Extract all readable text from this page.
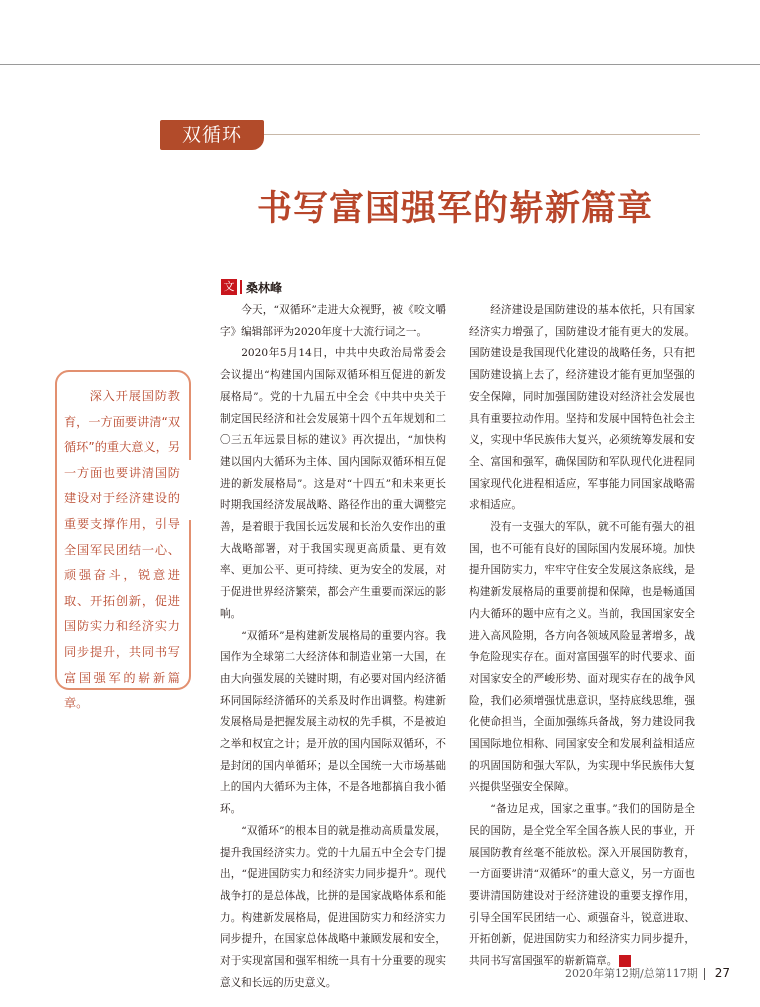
双循环
书写富国强军的崭新篇章
文 桑林峰
深入开展国防教育，一方面要讲清“双循环”的重大意义，另一方面也要讲清国防建设对于经济建设的重要支撑作用，引导全国军民团结一心、顽强奋斗，锐意进取、开拓创新，促进国防实力和经济实力同步提升，共同书写富国强军的崭新篇章。

今天，“双循环”走进大众视野，被《咬文嚼字》编辑部评为2020年度十大流行词之一。

2020年5月14日，中共中央政治局常委会会议提出“构建国内国际双循环相互促进的新发展格局”。党的十九届五中全会《中共中央关于制定国民经济和社会发展第十四个五年规划和二〇三五年远景目标的建议》再次提出，“加快构建以国内大循环为主体、国内国际双循环相互促进的新发展格局”。这是对“十四五”和未来更长时期我国经济发展战略、路径作出的重大调整完善，是着眼于我国长远发展和长治久安作出的重大战略部署，对于我国实现更高质量、更有效率、更加公平、更可持续、更为安全的发展，对于促进世界经济繁荣，都会产生重要而深远的影响。

“双循环”是构建新发展格局的重要内容。我国作为全球第二大经济体和制造业第一大国，在由大向强发展的关键时期，有必要对国内经济循环同国际经济循环的关系及时作出调整。构建新发展格局是把握发展主动权的先手棋，不是被迫之举和权宜之计；是开放的国内国际双循环，不是封闭的国内单循环；是以全国统一大市场基础上的国内大循环为主体，不是各地都搞自我小循环。

“双循环”的根本目的就是推动高质量发展，提升我国经济实力。党的十九届五中全会专门提出，“促进国防实力和经济实力同步提升”。现代战争打的是总体战，比拼的是国家战略体系和能力。构建新发展格局，促进国防实力和经济实力同步提升，在国家总体战略中兼顾发展和安全，对于实现富国和强军相统一具有十分重要的现实意义和长远的历史意义。

经济建设是国防建设的基本依托，只有国家经济实力增强了，国防建设才能有更大的发展。国防建设是我国现代化建设的战略任务，只有把国防建设搞上去了，经济建设才能有更加坚强的安全保障，同时加强国防建设对经济社会发展也具有重要拉动作用。坚持和发展中国特色社会主义，实现中华民族伟大复兴，必须统筹发展和安全、富国和强军，确保国防和军队现代化进程同国家现代化进程相适应，军事能力同国家战略需求相适应。

没有一支强大的军队，就不可能有强大的祖国，也不可能有良好的国际国内发展环境。加快提升国防实力，牢牢守住安全发展这条底线，是构建新发展格局的重要前提和保障，也是畅通国内大循环的题中应有之义。当前，我国国家安全进入高风险期，各方向各领域风险显著增多，战争危险现实存在。面对富国强军的时代要求、面对国家安全的严峻形势、面对现实存在的战争风险，我们必须增强忧患意识，坚持底线思维，强化使命担当，全面加强练兵备战，努力建设同我国国际地位相称、同国家安全和发展利益相适应的巩固国防和强大军队，为实现中华民族伟大复兴提供坚强安全保障。

“备边足戎，国家之重事。”我们的国防是全民的国防，是全党全军全国各族人民的事业，开展国防教育丝毫不能放松。深入开展国防教育，一方面要讲清“双循环”的重大意义，另一方面也要讲清国防建设对于经济建设的重要支撑作用，引导全国军民团结一心、顽强奋斗，锐意进取、开拓创新，促进国防实力和经济实力同步提升，共同书写富国强军的崭新篇章。	G

2020年第12期/总第117期 27
